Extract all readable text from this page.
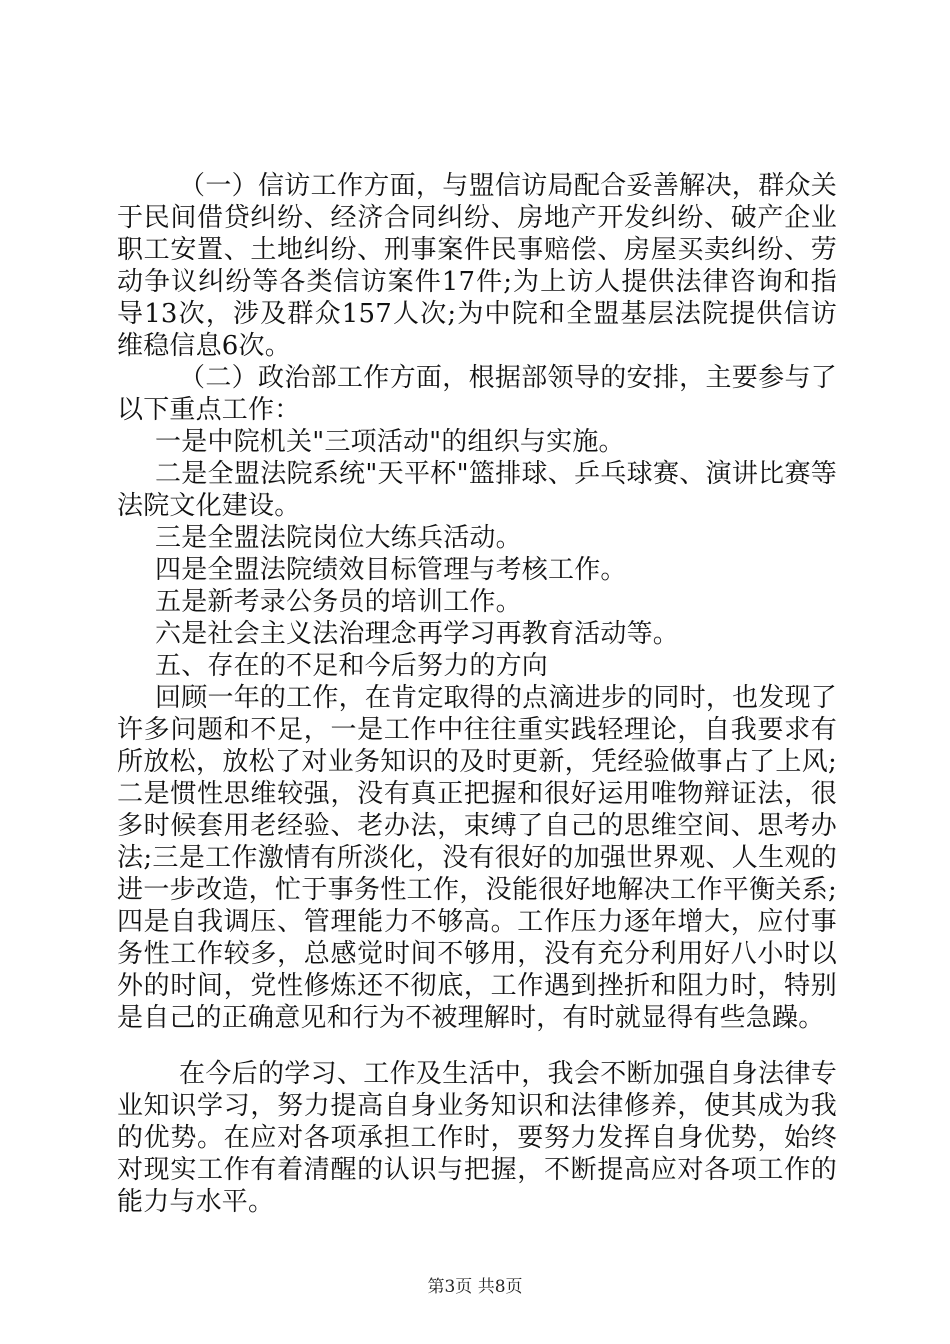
（一）信访工作方面，与盟信访局配合妥善解决，群众关于民间借贷纠纷、经济合同纠纷、房地产开发纠纷、破产企业职工安置、土地纠纷、刑事案件民事赔偿、房屋买卖纠纷、劳动争议纠纷等各类信访案件17件;为上访人提供法律咨询和指导13次，涉及群众157人次;为中院和全盟基层法院提供信访维稳信息6次。

（二）政治部工作方面，根据部领导的安排，主要参与了以下重点工作：

一是中院机关"三项活动"的组织与实施。

二是全盟法院系统"天平杯"篮排球、乒乓球赛、演讲比赛等法院文化建设。

三是全盟法院岗位大练兵活动。

四是全盟法院绩效目标管理与考核工作。

五是新考录公务员的培训工作。

六是社会主义法治理念再学习再教育活动等。

五、存在的不足和今后努力的方向

回顾一年的工作，在肯定取得的点滴进步的同时，也发现了许多问题和不足，一是工作中往往重实践轻理论，自我要求有所放松，放松了对业务知识的及时更新，凭经验做事占了上风;二是惯性思维较强，没有真正把握和很好运用唯物辩证法，很多时候套用老经验、老办法，束缚了自己的思维空间、思考办法;三是工作激情有所淡化，没有很好的加强世界观、人生观的进一步改造，忙于事务性工作，没能很好地解决工作平衡关系;四是自我调压、管理能力不够高。工作压力逐年增大，应付事务性工作较多，总感觉时间不够用，没有充分利用好八小时以外的时间，党性修炼还不彻底，工作遇到挫折和阻力时，特别是自己的正确意见和行为不被理解时，有时就显得有些急躁。

在今后的学习、工作及生活中，我会不断加强自身法律专业知识学习，努力提高自身业务知识和法律修养，使其成为我的优势。在应对各项承担工作时，要努力发挥自身优势，始终对现实工作有着清醒的认识与把握，不断提高应对各项工作的能力与水平。

第3页 共8页
